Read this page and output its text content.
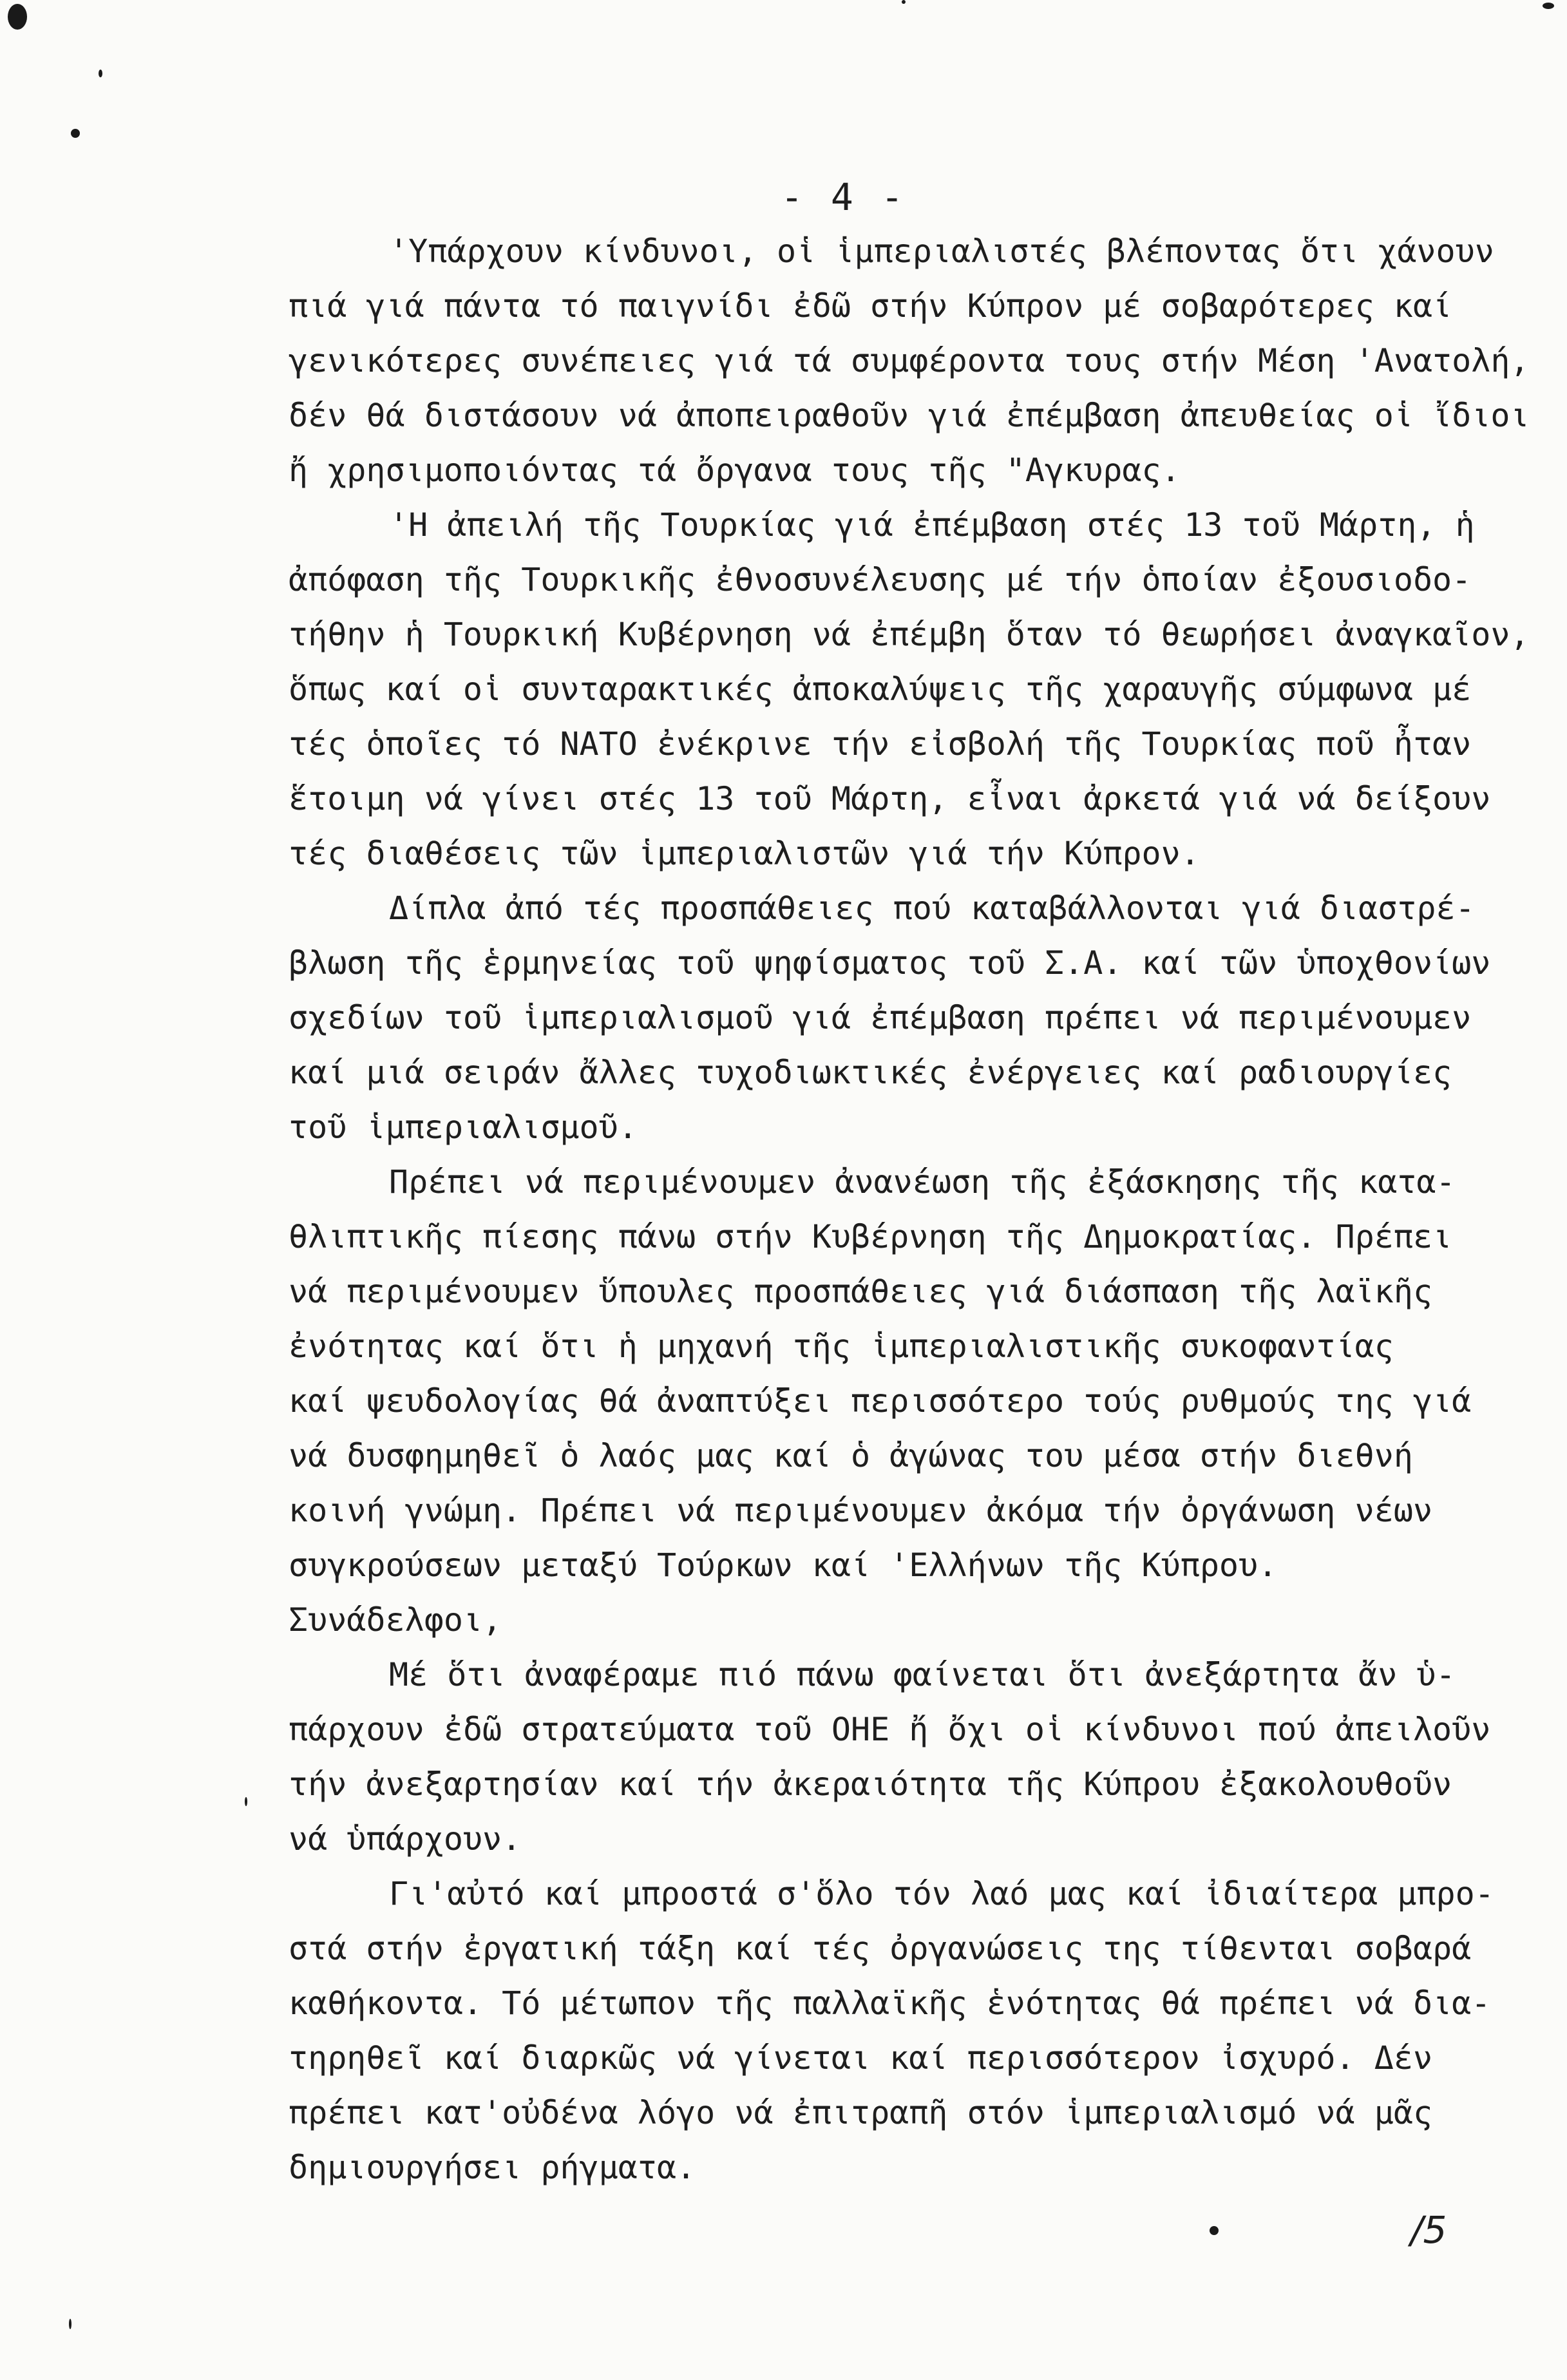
- 4 -
'Υπάρχουν κίνδυνοι, οἱ ἱμπεριαλιστές βλέποντας ὅτι χάνουν
πιά γιά πάντα τό παιγνίδι ἐδῶ στήν Κύπρον μέ σοβαρότερες καί
γενικότερες συνέπειες γιά τά συμφέροντα τους στήν Μέση 'Ανατολή,
δέν θά διστάσουν νά ἀποπειραθοῦν γιά ἐπέμβαση ἀπευθείας οἱ ἴδιοι
ἤ χρησιμοποιόντας τά ὄργανα τους τῆς "Αγκυρας.
'Η ἀπειλή τῆς Τουρκίας γιά ἐπέμβαση στές 13 τοῦ Μάρτη, ἡ
ἀπόφαση τῆς Τουρκικῆς ἐθνοσυνέλευσης μέ τήν ὁποίαν ἐξουσιοδο-
τήθην ἡ Τουρκική Κυβέρνηση νά ἐπέμβη ὅταν τό θεωρήσει ἀναγκαῖον,
ὅπως καί οἱ συνταρακτικές ἀποκαλύψεις τῆς χαραυγῆς σύμφωνα μέ
τές ὁποῖες τό ΝΑΤΟ ἐνέκρινε τήν εἰσβολή τῆς Τουρκίας ποῦ ἦταν
ἕτοιμη νά γίνει στές 13 τοῦ Μάρτη, εἶναι ἀρκετά γιά νά δείξουν
τές διαθέσεις τῶν ἱμπεριαλιστῶν γιά τήν Κύπρον.
Δίπλα ἀπό τές προσπάθειες πού καταβάλλονται γιά διαστρέ-
βλωση τῆς ἑρμηνείας τοῦ ψηφίσματος τοῦ Σ.Α. καί τῶν ὑποχθονίων
σχεδίων τοῦ ἱμπεριαλισμοῦ γιά ἐπέμβαση πρέπει νά περιμένουμεν
καί μιά σειράν ἄλλες τυχοδιωκτικές ἐνέργειες καί ραδιουργίες
τοῦ ἱμπεριαλισμοῦ.
Πρέπει νά περιμένουμεν ἀνανέωση τῆς ἐξάσκησης τῆς κατα-
θλιπτικῆς πίεσης πάνω στήν Κυβέρνηση τῆς Δημοκρατίας. Πρέπει
νά περιμένουμεν ὕπουλες προσπάθειες γιά διάσπαση τῆς λαϊκῆς
ἐνότητας καί ὅτι ἡ μηχανή τῆς ἱμπεριαλιστικῆς συκοφαντίας
καί ψευδολογίας θά ἀναπτύξει περισσότερο τούς ρυθμούς της γιά
νά δυσφημηθεῖ ὁ λαός μας καί ὁ ἀγώνας του μέσα στήν διεθνή
κοινή γνώμη. Πρέπει νά περιμένουμεν ἀκόμα τήν ὀργάνωση νέων
συγκρούσεων μεταξύ Τούρκων καί 'Ελλήνων τῆς Κύπρου.
Συνάδελφοι,
Μέ ὅτι ἀναφέραμε πιό πάνω φαίνεται ὅτι ἀνεξάρτητα ἄν ὑ-
πάρχουν ἐδῶ στρατεύματα τοῦ ΟΗΕ ἤ ὄχι οἱ κίνδυνοι πού ἀπειλοῦν
τήν ἀνεξαρτησίαν καί τήν ἀκεραιότητα τῆς Κύπρου ἐξακολουθοῦν
νά ὑπάρχουν.
Γι'αὐτό καί μπροστά σ'ὅλο τόν λαό μας καί ἰδιαίτερα μπρο-
στά στήν ἐργατική τάξη καί τές ὀργανώσεις της τίθενται σοβαρά
καθήκοντα. Τό μέτωπον τῆς παλλαϊκῆς ἑνότητας θά πρέπει νά δια-
τηρηθεῖ καί διαρκῶς νά γίνεται καί περισσότερον ἰσχυρό. Δέν
πρέπει κατ'οὐδένα λόγο νά ἐπιτραπῆ στόν ἱμπεριαλισμό νά μᾶς
δημιουργήσει ρήγματα.
/5
